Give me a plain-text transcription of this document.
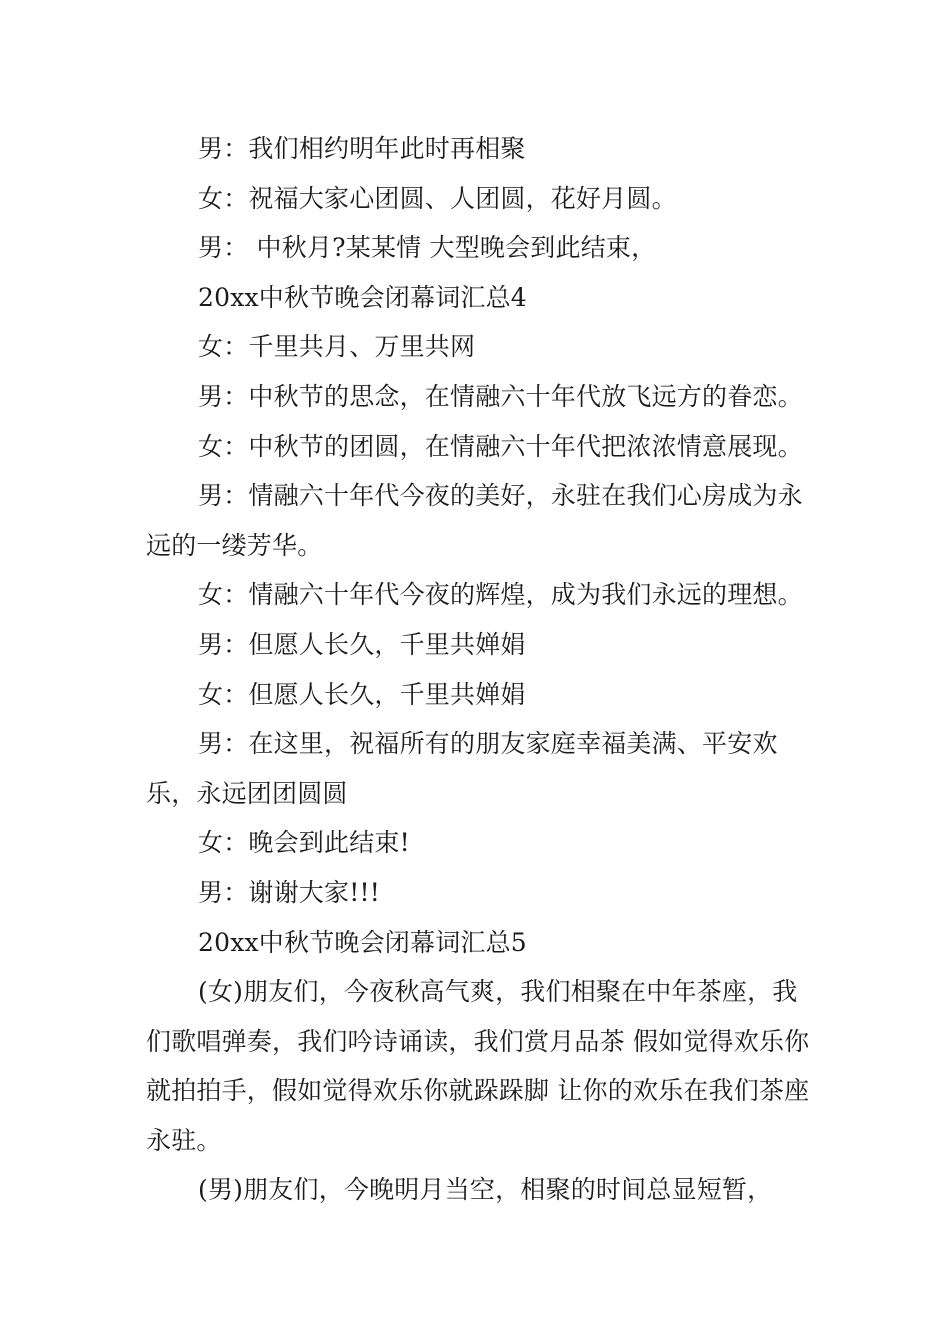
男：我们相约明年此时再相聚

女：祝福大家心团圆、人团圆，花好月圆。

男： 中秋月?某某情 大型晚会到此结束，

20xx中秋节晚会闭幕词汇总4

女：千里共月、万里共网

男：中秋节的思念，在情融六十年代放飞远方的眷恋。

女：中秋节的团圆，在情融六十年代把浓浓情意展现。

男：情融六十年代今夜的美好，永驻在我们心房成为永远的一缕芳华。

女：情融六十年代今夜的辉煌，成为我们永远的理想。

男：但愿人长久，千里共婵娟

女：但愿人长久，千里共婵娟

男：在这里，祝福所有的朋友家庭幸福美满、平安欢乐，永远团团圆圆

女：晚会到此结束!

男：谢谢大家!!!

20xx中秋节晚会闭幕词汇总5

(女)朋友们，今夜秋高气爽，我们相聚在中年茶座，我们歌唱弹奏，我们吟诗诵读，我们赏月品茶 假如觉得欢乐你就拍拍手，假如觉得欢乐你就跺跺脚 让你的欢乐在我们茶座永驻。

(男)朋友们，今晚明月当空，相聚的时间总显短暂，
